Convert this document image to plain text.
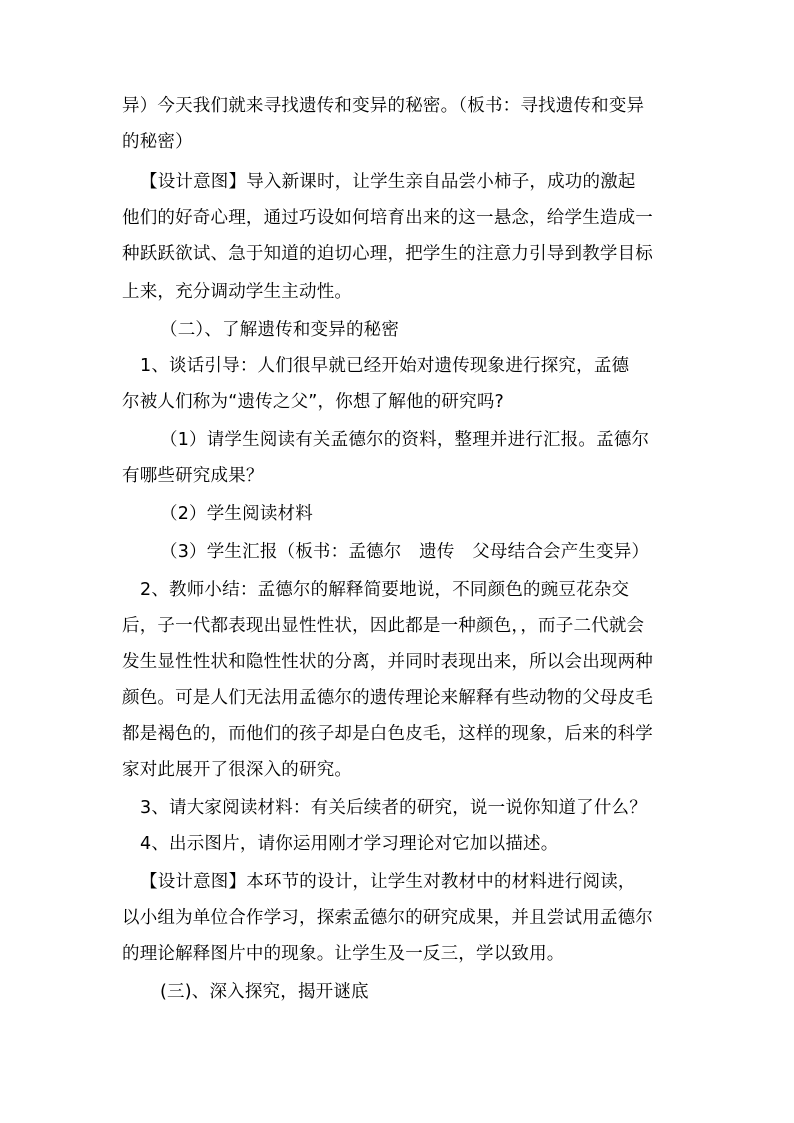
异）今天我们就来寻找遗传和变异的秘密。（板书：寻找遗传和变异
的秘密）
【设计意图】导入新课时，让学生亲自品尝小柿子，成功的激起
他们的好奇心理，通过巧设如何培育出来的这一悬念，给学生造成一
种跃跃欲试、急于知道的迫切心理，把学生的注意力引导到教学目标
上来，充分调动学生主动性。
（二）、了解遗传和变异的秘密
1、谈话引导：人们很早就已经开始对遗传现象进行探究，孟德
尔被人们称为“遗传之父”，你想了解他的研究吗?
（1）请学生阅读有关孟德尔的资料，整理并进行汇报。孟德尔
有哪些研究成果？
（2）学生阅读材料
（3）学生汇报（板书：孟德尔　遗传　父母结合会产生变异）
2、教师小结：孟德尔的解释简要地说，不同颜色的豌豆花杂交
后，子一代都表现出显性性状，因此都是一种颜色，，而子二代就会
发生显性性状和隐性性状的分离，并同时表现出来，所以会出现两种
颜色。可是人们无法用孟德尔的遗传理论来解释有些动物的父母皮毛
都是褐色的，而他们的孩子却是白色皮毛，这样的现象，后来的科学
家对此展开了很深入的研究。
3、请大家阅读材料：有关后续者的研究，说一说你知道了什么？
4、出示图片，请你运用刚才学习理论对它加以描述。
【设计意图】本环节的设计，让学生对教材中的材料进行阅读，
以小组为单位合作学习，探索孟德尔的研究成果，并且尝试用孟德尔
的理论解释图片中的现象。让学生及一反三，学以致用。
(三)、深入探究，揭开谜底
